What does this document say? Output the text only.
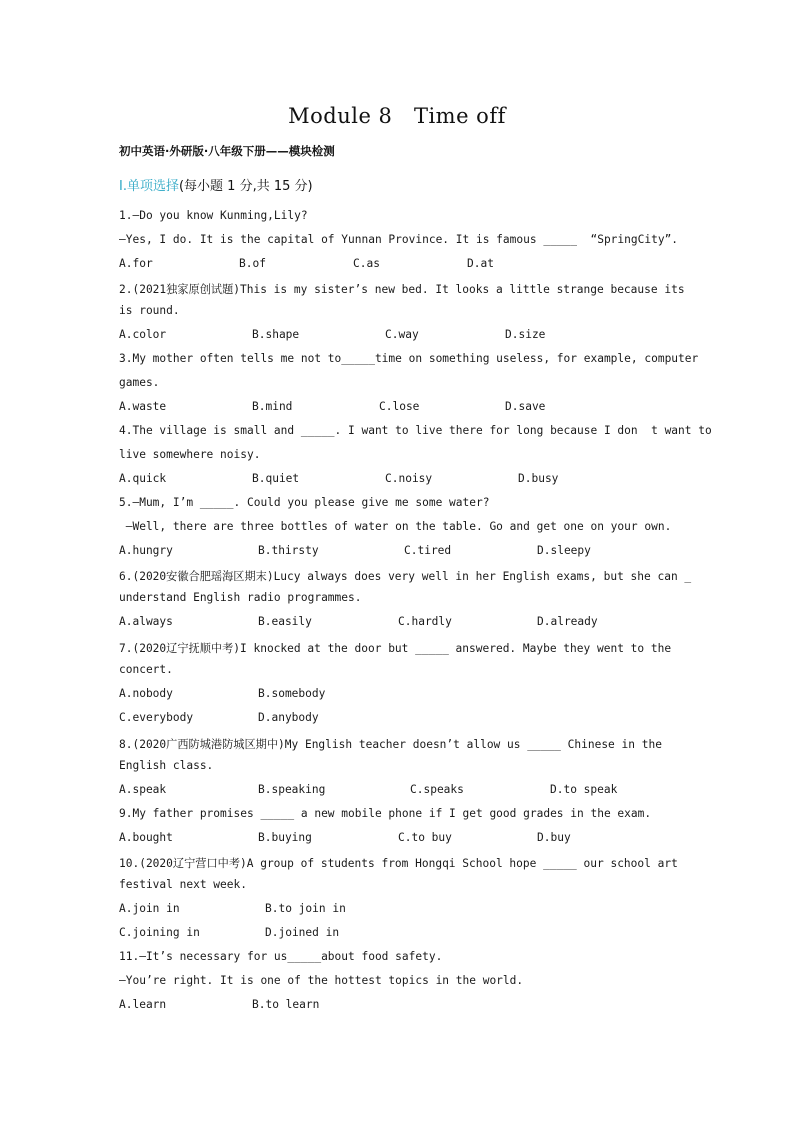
Module 8   Time off
初中英语·外研版·八年级下册——模块检测
Ⅰ.单项选择(每小题 1 分,共 15 分)
1.—Do you know Kunming,Lily?
—Yes, I do. It is the capital of Yunnan Province. It is famous _____  “SpringCity”.
A.for	B.of	C.as	D.at
2.(2021独家原创试题)This is my sister’s new bed. It looks a little strange because its
is round.
A.color	B.shape	C.way	D.size
3.My mother often tells me not to_____time on something useless, for example, computer
games.
A.waste	B.mind	C.lose	D.save
4.The village is small and _____. I want to live there for long because I don  t want to
live somewhere noisy.
A.quick	B.quiet	C.noisy	D.busy
5.—Mum, I’m _____. Could you please give me some water?
—Well, there are three bottles of water on the table. Go and get one on your own.
A.hungry	B.thirsty	C.tired	D.sleepy
6.(2020安徽合肥瑶海区期末)Lucy always does very well in her English exams, but she can _
understand English radio programmes.
A.always	B.easily	C.hardly	D.already
7.(2020辽宁抚顺中考)I knocked at the door but _____ answered. Maybe they went to the
concert.
A.nobody	B.somebody
C.everybody	D.anybody
8.(2020广西防城港防城区期中)My English teacher doesn’t allow us _____ Chinese in the
English class.
A.speak	B.speaking	C.speaks	D.to speak
9.My father promises _____ a new mobile phone if I get good grades in the exam.
A.bought	B.buying	C.to buy	D.buy
10.(2020辽宁营口中考)A group of students from Hongqi School hope _____ our school art
festival next week.
A.join in	B.to join in
C.joining in	D.joined in
11.—It’s necessary for us_____about food safety.
—You’re right. It is one of the hottest topics in the world.
A.learn	B.to learn
